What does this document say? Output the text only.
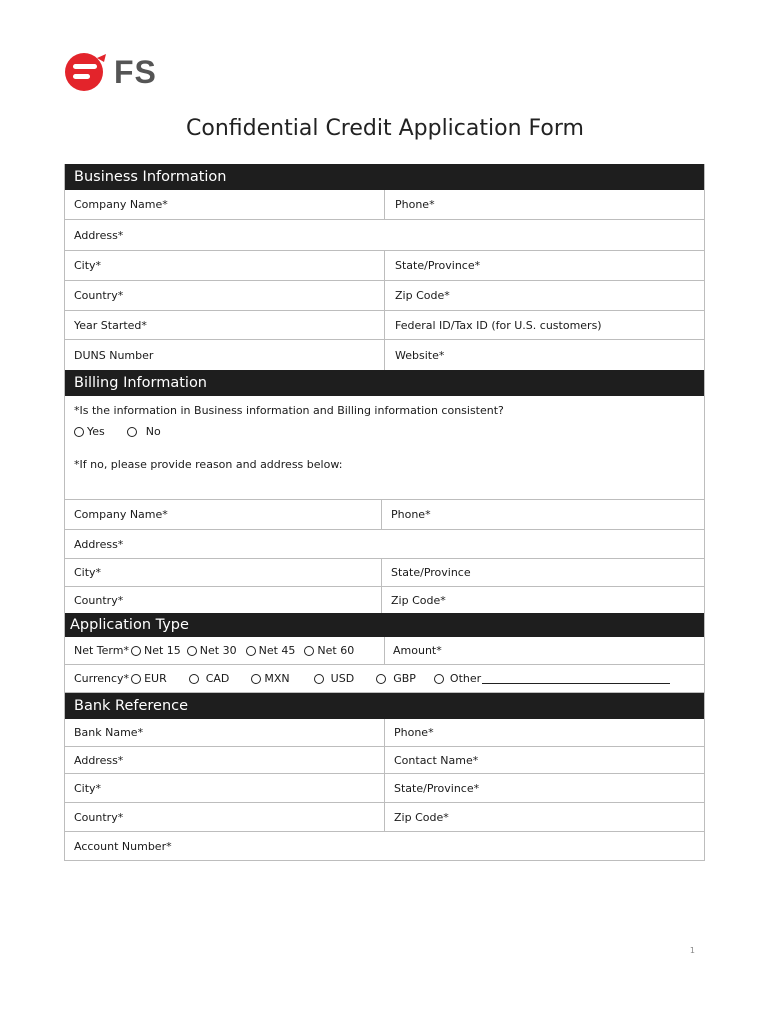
FS
Confidential Credit Application Form
Business Information
Company Name*	Phone*
Address*
City*	State/Province*
Country*	Zip Code*
Year Started*	Federal ID/Tax ID (for U.S. customers)
DUNS Number	Website*
Billing Information
*Is the information in Business information and Billing information consistent?
Yes	No
*If no, please provide reason and address below:
Company Name*	Phone*
Address*
City*	State/Province
Country*	Zip Code*
Application Type
Net Term* Net 15 Net 30 Net 45 Net 60	Amount*
Currency* EUR	CAD	MXN	USD	GBP	Other
Bank Reference
Bank Name*	Phone*
Address*	Contact Name*
City*	State/Province*
Country*	Zip Code*
Account Number*
1
